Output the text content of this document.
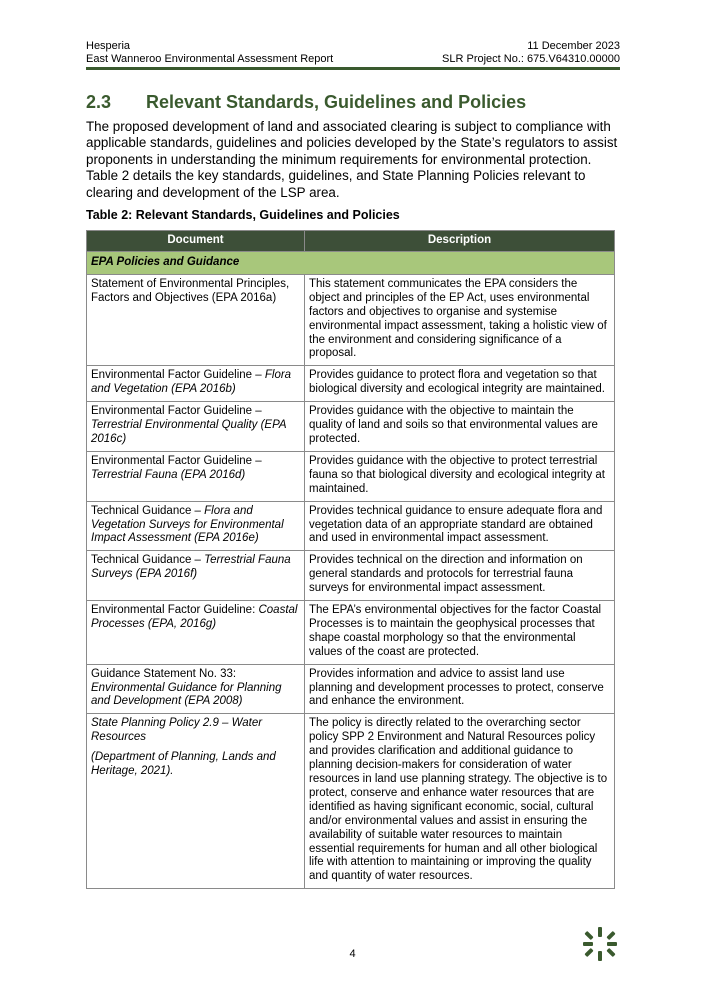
Hesperia	11 December 2023
East Wanneroo Environmental Assessment Report	SLR Project No.: 675.V64310.00000
2.3 Relevant Standards, Guidelines and Policies

The proposed development of land and associated clearing is subject to compliance with applicable standards, guidelines and policies developed by the State’s regulators to assist proponents in understanding the minimum requirements for environmental protection. Table 2 details the key standards, guidelines, and State Planning Policies relevant to clearing and development of the LSP area.

Table 2: Relevant Standards, Guidelines and Policies

Document	Description
EPA Policies and Guidance	
Statement of Environmental Principles, Factors and Objectives (EPA 2016a)	This statement communicates the EPA considers the object and principles of the EP Act, uses environmental factors and objectives to organise and systemise environmental impact assessment, taking a holistic view of the environment and considering significance of a proposal.
Environmental Factor Guideline – Flora and Vegetation (EPA 2016b)	Provides guidance to protect flora and vegetation so that biological diversity and ecological integrity are maintained.
Environmental Factor Guideline – Terrestrial Environmental Quality (EPA 2016c)	Provides guidance with the objective to maintain the quality of land and soils so that environmental values are protected.
Environmental Factor Guideline – Terrestrial Fauna (EPA 2016d)	Provides guidance with the objective to protect terrestrial fauna so that biological diversity and ecological integrity at maintained.
Technical Guidance – Flora and Vegetation Surveys for Environmental Impact Assessment (EPA 2016e)	Provides technical guidance to ensure adequate flora and vegetation data of an appropriate standard are obtained and used in environmental impact assessment.
Technical Guidance – Terrestrial Fauna Surveys (EPA 2016f)	Provides technical on the direction and information on general standards and protocols for terrestrial fauna surveys for environmental impact assessment.
Environmental Factor Guideline: Coastal Processes (EPA, 2016g)	The EPA’s environmental objectives for the factor Coastal Processes is to maintain the geophysical processes that shape coastal morphology so that the environmental values of the coast are protected.
Guidance Statement No. 33: Environmental Guidance for Planning and Development (EPA 2008)	Provides information and advice to assist land use planning and development processes to protect, conserve and enhance the environment.

State Planning Policy 2.9 – Water Resources

(Department of Planning, Lands and Heritage, 2021).	The policy is directly related to the overarching sector policy SPP 2 Environment and Natural Resources policy and provides clarification and additional guidance to planning decision-makers for consideration of water resources in land use planning strategy. The objective is to protect, conserve and enhance water resources that are identified as having significant economic, social, cultural and/or environmental values and assist in ensuring the availability of suitable water resources to maintain essential requirements for human and all other biological life with attention to maintaining or improving the quality and quantity of water resources.
4
